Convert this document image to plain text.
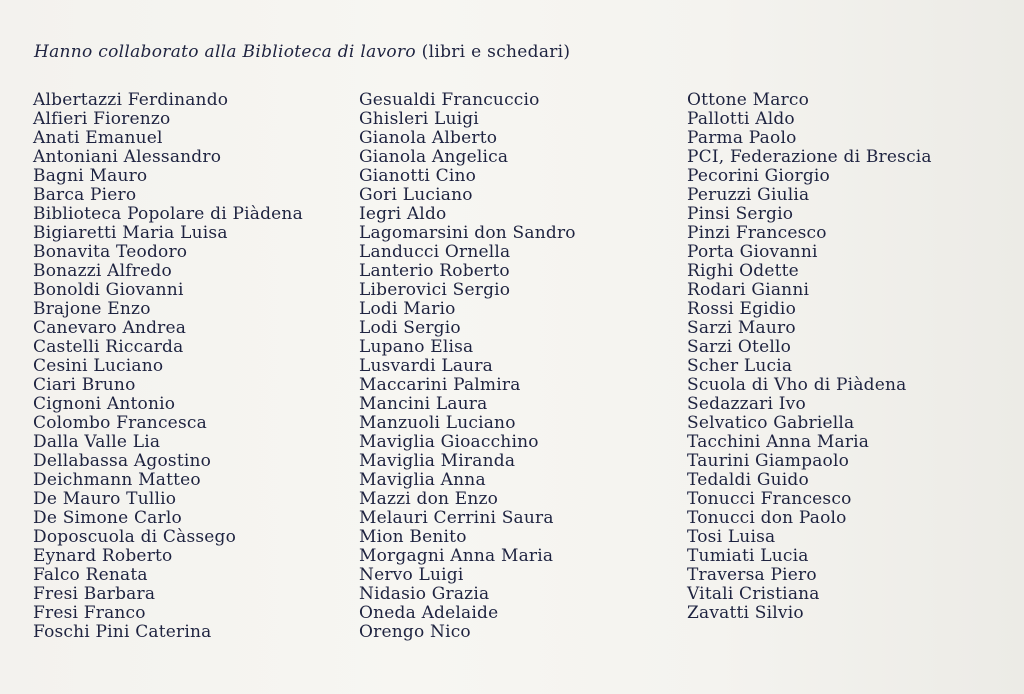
Hanno collaborato alla Biblioteca di lavoro (libri e schedari)
Albertazzi Ferdinando
Alfieri Fiorenzo
Anati Emanuel
Antoniani Alessandro
Bagni Mauro
Barca Piero
Biblioteca Popolare di Piàdena
Bigiaretti Maria Luisa
Bonavita Teodoro
Bonazzi Alfredo
Bonoldi Giovanni
Brajone Enzo
Canevaro Andrea
Castelli Riccarda
Cesini Luciano
Ciari Bruno
Cignoni Antonio
Colombo Francesca
Dalla Valle Lia
Dellabassa Agostino
Deichmann Matteo
De Mauro Tullio
De Simone Carlo
Doposcuola di Càssego
Eynard Roberto
Falco Renata
Fresi Barbara
Fresi Franco
Foschi Pini Caterina
Gesualdi Francuccio
Ghisleri Luigi
Gianola Alberto
Gianola Angelica
Gianotti Cino
Gori Luciano
Iegri Aldo
Lagomarsini don Sandro
Landucci Ornella
Lanterio Roberto
Liberovici Sergio
Lodi Mario
Lodi Sergio
Lupano Elisa
Lusvardi Laura
Maccarini Palmira
Mancini Laura
Manzuoli Luciano
Maviglia Gioacchino
Maviglia Miranda
Maviglia Anna
Mazzi don Enzo
Melauri Cerrini Saura
Mion Benito
Morgagni Anna Maria
Nervo Luigi
Nidasio Grazia
Oneda Adelaide
Orengo Nico
Ottone Marco
Pallotti Aldo
Parma Paolo
PCI, Federazione di Brescia
Pecorini Giorgio
Peruzzi Giulia
Pinsi Sergio
Pinzi Francesco
Porta Giovanni
Righi Odette
Rodari Gianni
Rossi Egidio
Sarzi Mauro
Sarzi Otello
Scher Lucia
Scuola di Vho di Piàdena
Sedazzari Ivo
Selvatico Gabriella
Tacchini Anna Maria
Taurini Giampaolo
Tedaldi Guido
Tonucci Francesco
Tonucci don Paolo
Tosi Luisa
Tumiati Lucia
Traversa Piero
Vitali Cristiana
Zavatti Silvio
